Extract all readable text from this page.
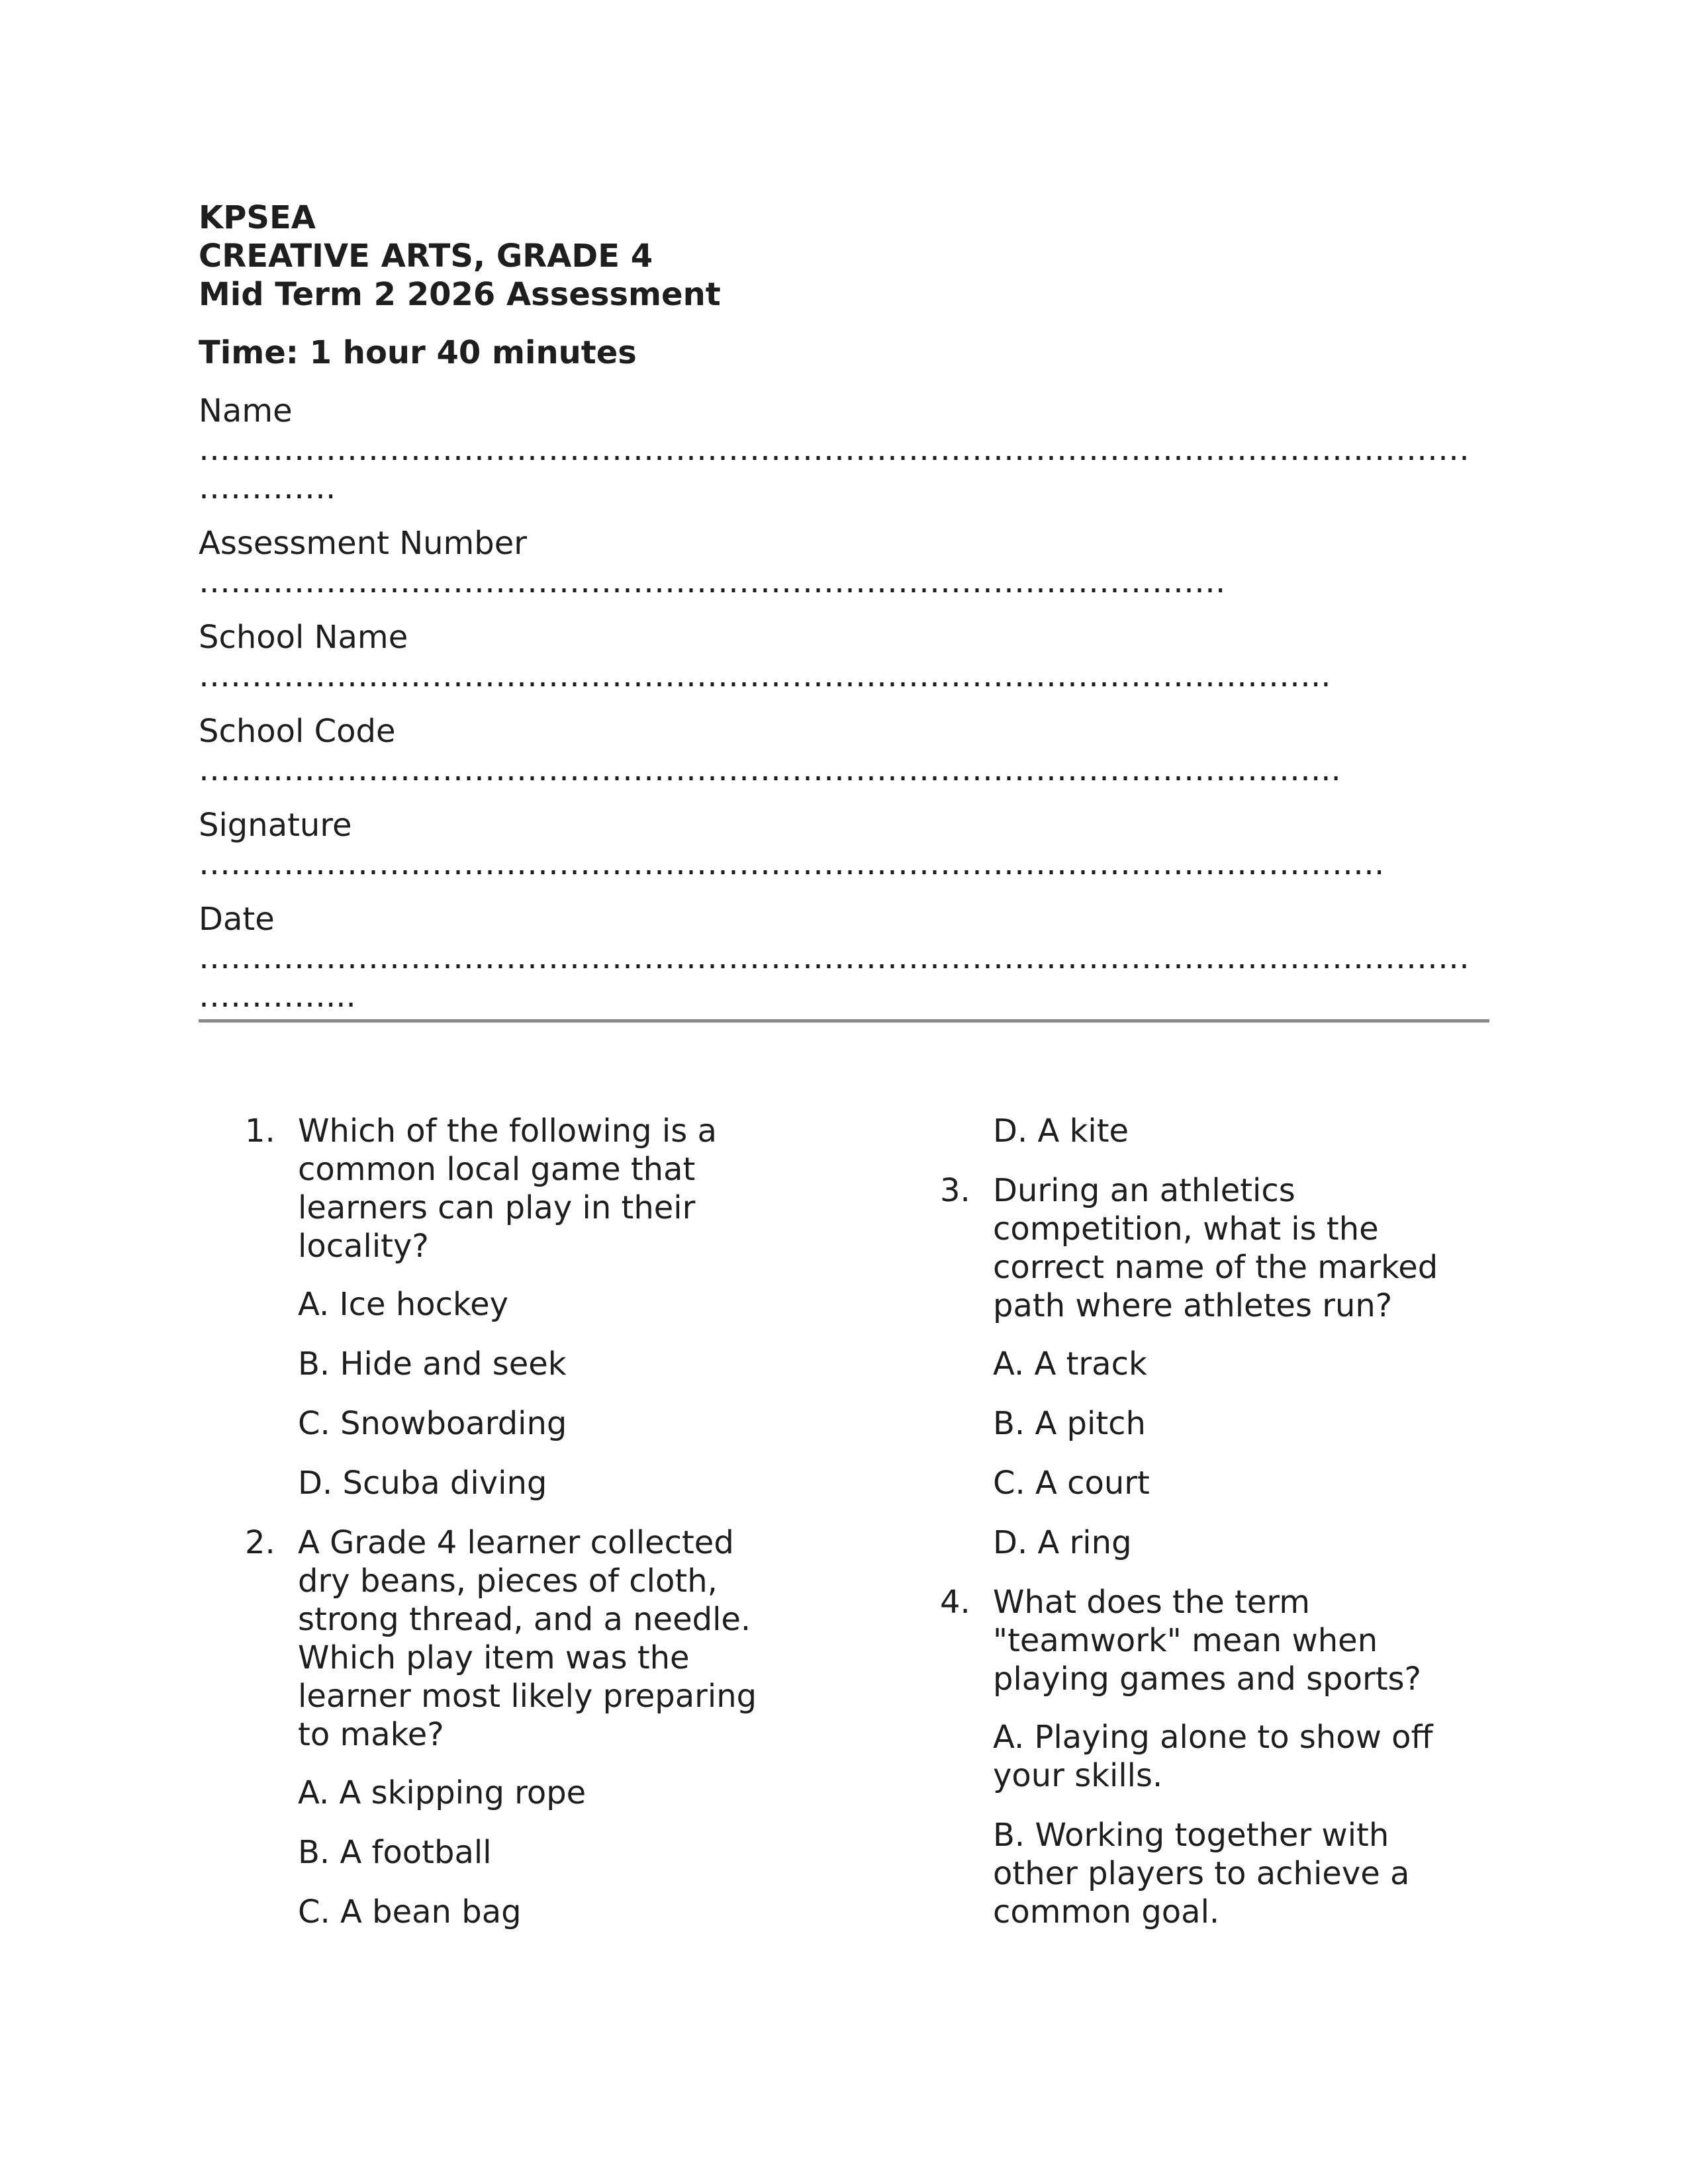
KPSEA

CREATIVE ARTS, GRADE 4

Mid Term 2 2026 Assessment

Time: 1 hour 40 minutes

Name

…………………………………………………………………………………………………………………….

Assessment Number

…………………………………………………………………………………….

School Name

……………………………………………………………………………………………..

School Code

……………………………………………………………………………………………...

Signature

………………………………………………………………………………………………….

Date

……………………………………………………………………………………………………………………...

1. Which of the following is a common local game that learners can play in their locality?

A. Ice hockey

B. Hide and seek

C. Snowboarding

D. Scuba diving

2. A Grade 4 learner collected dry beans, pieces of cloth, strong thread, and a needle. Which play item was the learner most likely preparing to make?

A. A skipping rope

B. A football

C. A bean bag

D. A kite

3. During an athletics competition, what is the correct name of the marked path where athletes run?

A. A track

B. A pitch

C. A court

D. A ring

4. What does the term "teamwork" mean when playing games and sports?

A. Playing alone to show off your skills.

B. Working together with other players to achieve a common goal.
